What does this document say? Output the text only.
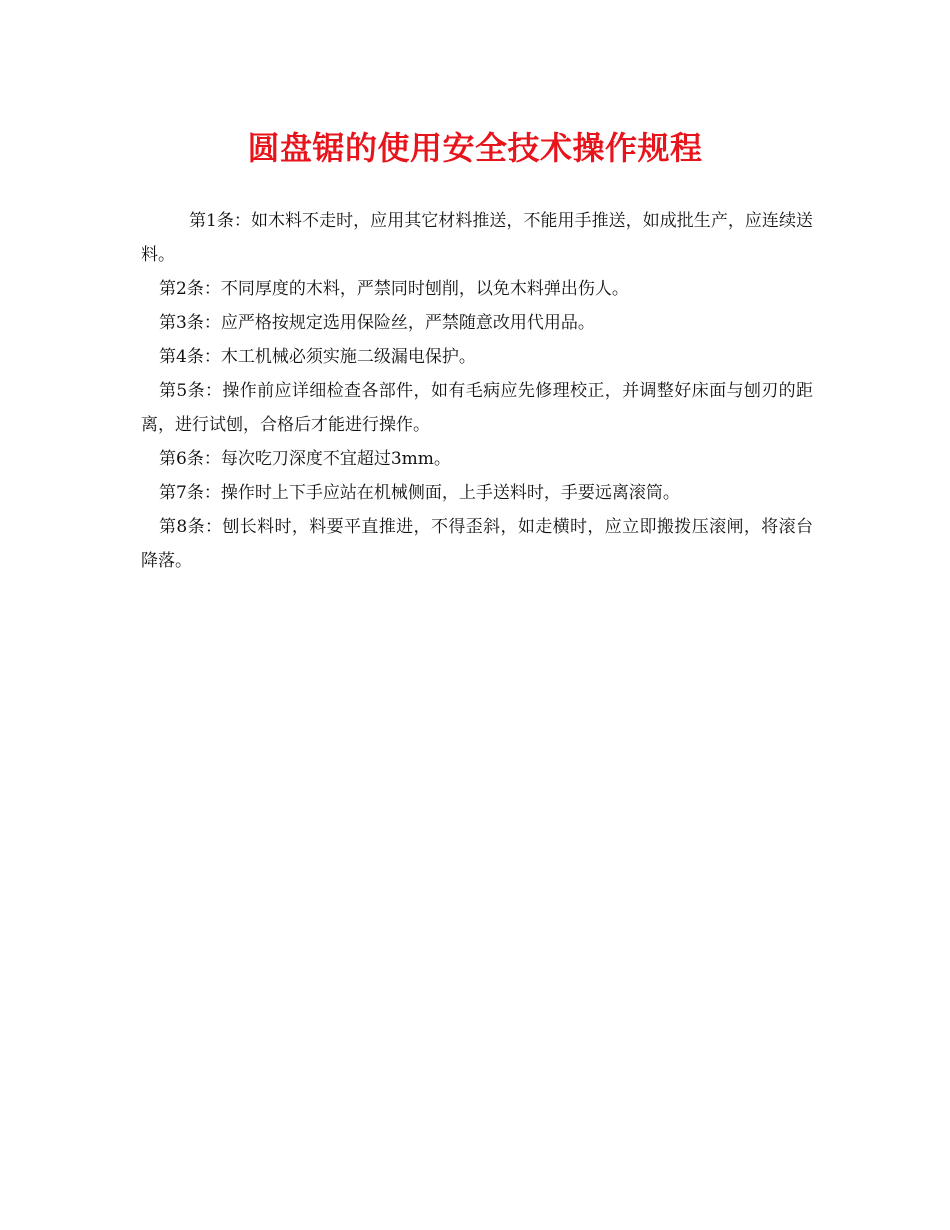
圆盘锯的使用安全技术操作规程

第1条：如木料不走时，应用其它材料推送，不能用手推送，如成批生产，应连续送料。

第2条：不同厚度的木料，严禁同时刨削，以免木料弹出伤人。

第3条：应严格按规定选用保险丝，严禁随意改用代用品。

第4条：木工机械必须实施二级漏电保护。

第5条：操作前应详细检查各部件，如有毛病应先修理校正，并调整好床面与刨刃的距离，进行试刨，合格后才能进行操作。

第6条：每次吃刀深度不宜超过3mm。

第7条：操作时上下手应站在机械侧面，上手送料时，手要远离滚筒。

第8条：刨长料时，料要平直推进，不得歪斜，如走横时，应立即搬拨压滚闸，将滚台降落。
